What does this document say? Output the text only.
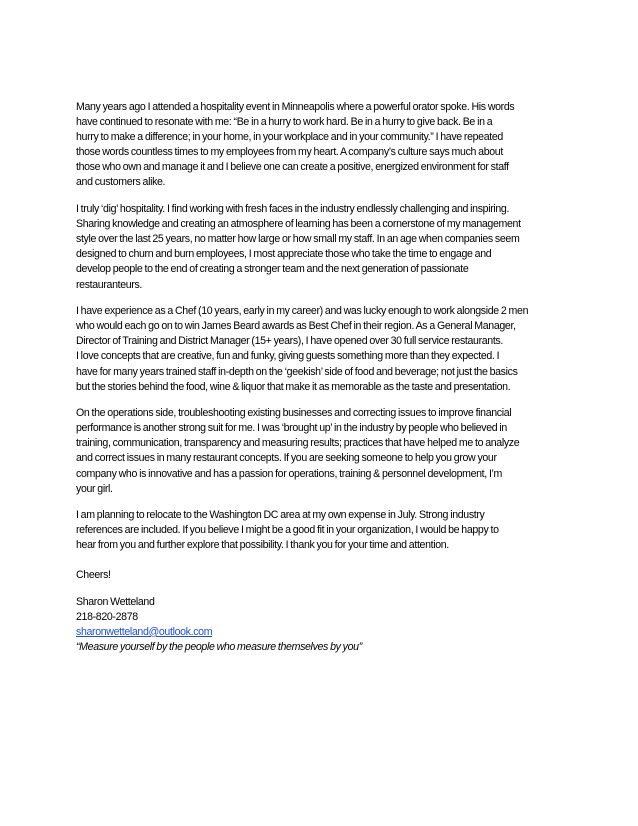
Many years ago I attended a hospitality event in Minneapolis where a powerful orator spoke. His words
have continued to resonate with me: “Be in a hurry to work hard. Be in a hurry to give back. Be in a
hurry to make a difference; in your home, in your workplace and in your community.” I have repeated
those words countless times to my employees from my heart. A company’s culture says much about
those who own and manage it and I believe one can create a positive, energized environment for staff
and customers alike.

I truly ‘dig’ hospitality. I find working with fresh faces in the industry endlessly challenging and inspiring.
Sharing knowledge and creating an atmosphere of learning has been a cornerstone of my management
style over the last 25 years, no matter how large or how small my staff. In an age when companies seem
designed to churn and burn employees, I most appreciate those who take the time to engage and
develop people to the end of creating a stronger team and the next generation of passionate
restauranteurs.

I have experience as a Chef (10 years, early in my career) and was lucky enough to work alongside 2 men
who would each go on to win James Beard awards as Best Chef in their region. As a General Manager,
Director of Training and District Manager (15+ years), I have opened over 30 full service restaurants.
I love concepts that are creative, fun and funky, giving guests something more than they expected. I
have for many years trained staff in-depth on the ‘geekish’ side of food and beverage; not just the basics
but the stories behind the food, wine & liquor that make it as memorable as the taste and presentation.

On the operations side, troubleshooting existing businesses and correcting issues to improve financial
performance is another strong suit for me. I was ‘brought up’ in the industry by people who believed in
training, communication, transparency and measuring results; practices that have helped me to analyze
and correct issues in many restaurant concepts. If you are seeking someone to help you grow your
company who is innovative and has a passion for operations, training & personnel development, I’m
your girl.

I am planning to relocate to the Washington DC area at my own expense in July. Strong industry
references are included. If you believe I might be a good fit in your organization, I would be happy to
hear from you and further explore that possibility. I thank you for your time and attention.

Cheers!
Sharon Wetteland
218-820-2878
sharonwetteland@outlook.com
“Measure yourself by the people who measure themselves by you”
